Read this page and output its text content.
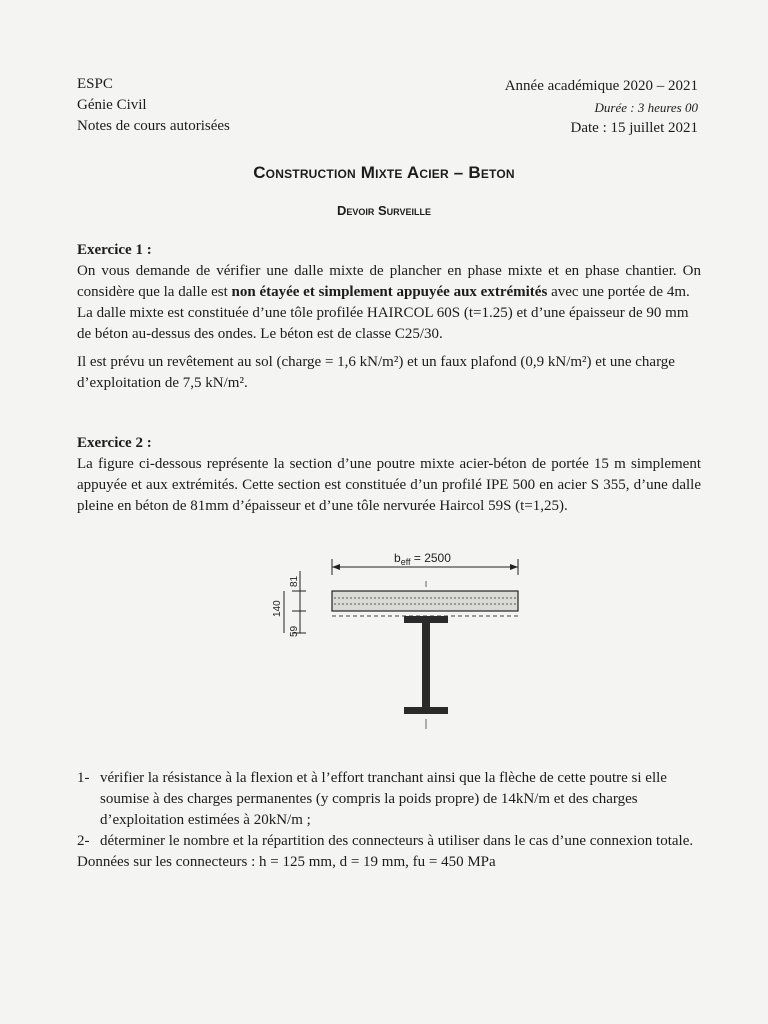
ESPC
Génie Civil
Notes de cours autorisées
Année académique 2020 – 2021
Durée : 3 heures 00
Date : 15 juillet 2021
Construction Mixte Acier – Beton
Devoir Surveille

Exercice 1 :

On vous demande de vérifier une dalle mixte de plancher en phase mixte et en phase chantier. On considère que la dalle est non étayée et simplement appuyée aux extrémités avec une portée de 4m.

La dalle mixte est constituée d’une tôle profilée HAIRCOL 60S (t=1.25) et d’une épaisseur de 90 mm de béton au-dessus des ondes. Le béton est de classe C25/30.

Il est prévu un revêtement au sol (charge = 1,6 kN/m²) et un faux plafond (0,9 kN/m²) et une charge d’exploitation de 7,5 kN/m².

Exercice 2 :

La figure ci-dessous représente la section d’une poutre mixte acier-béton de portée 15 m simplement appuyée et aux extrémités. Cette section est constituée d’un profilé IPE 500 en acier S 355, d’une dalle pleine en béton de 81mm d’épaisseur et d’une tôle nervurée Haircol 59S (t=1,25).

$b_{eff} = 2500$
81
140
59
1- vérifier la résistance à la flexion et à l’effort tranchant ainsi que la flèche de cette poutre si elle soumise à des charges permanentes (y compris la poids propre) de 14kN/m et des charges d’exploitation estimées à 20kN/m ;
2- déterminer le nombre et la répartition des connecteurs à utiliser dans le cas d’une connexion totale.

Données sur les connecteurs : h = 125 mm, d = 19 mm, fu = 450 MPa
